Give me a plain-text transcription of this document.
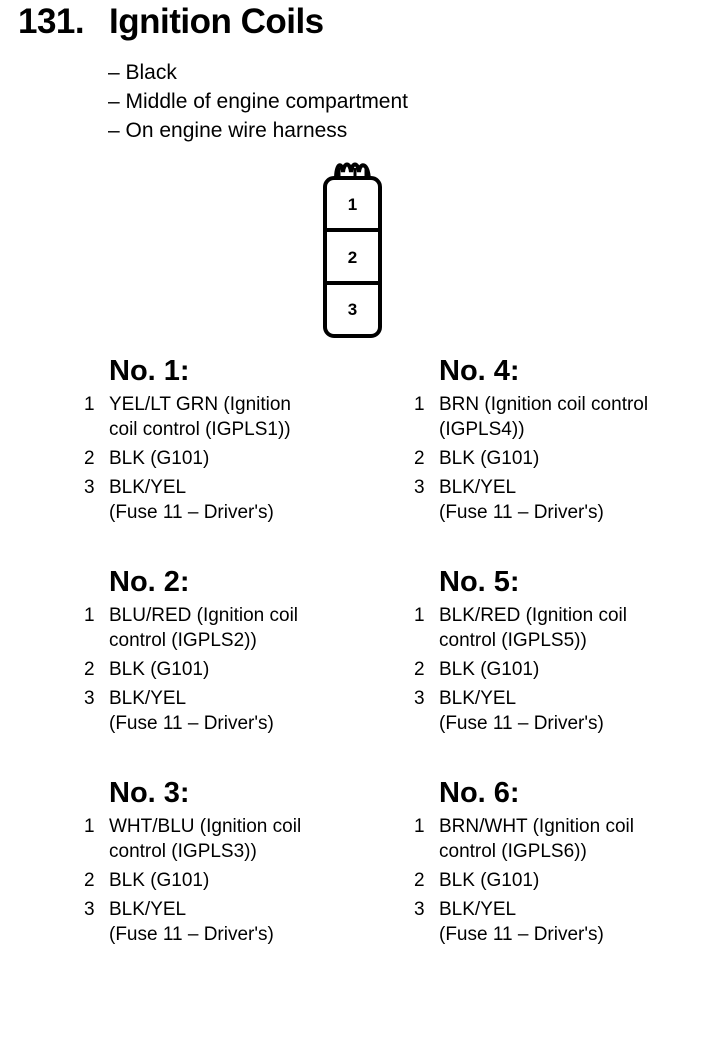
131. Ignition Coils
– Black
– Middle of engine compartment
– On engine wire harness
1
2
3
No. 1:
1 YEL/LT GRN (Ignition
coil control (IGPLS1))
2 BLK (G101)
3 BLK/YEL
(Fuse 11 – Driver's)
No. 4:
1 BRN (Ignition coil control
(IGPLS4))
2 BLK (G101)
3 BLK/YEL
(Fuse 11 – Driver's)
No. 2:
1 BLU/RED (Ignition coil
control (IGPLS2))
2 BLK (G101)
3 BLK/YEL
(Fuse 11 – Driver's)
No. 5:
1 BLK/RED (Ignition coil
control (IGPLS5))
2 BLK (G101)
3 BLK/YEL
(Fuse 11 – Driver's)
No. 3:
1 WHT/BLU (Ignition coil
control (IGPLS3))
2 BLK (G101)
3 BLK/YEL
(Fuse 11 – Driver's)
No. 6:
1 BRN/WHT (Ignition coil
control (IGPLS6))
2 BLK (G101)
3 BLK/YEL
(Fuse 11 – Driver's)
